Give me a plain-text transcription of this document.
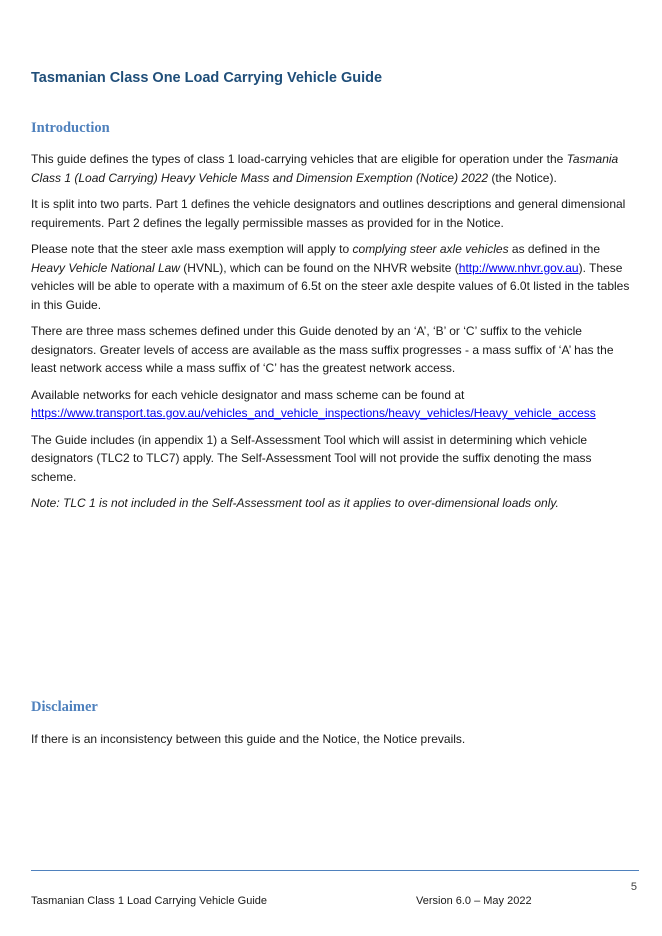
Tasmanian Class One Load Carrying Vehicle Guide
Introduction

This guide defines the types of class 1 load-carrying vehicles that are eligible for operation under the Tasmania Class 1 (Load Carrying) Heavy Vehicle Mass and Dimension Exemption (Notice) 2022 (the Notice).

It is split into two parts. Part 1 defines the vehicle designators and outlines descriptions and general dimensional requirements. Part 2 defines the legally permissible masses as provided for in the Notice.

Please note that the steer axle mass exemption will apply to complying steer axle vehicles as defined in the Heavy Vehicle National Law (HVNL), which can be found on the NHVR website (http://www.nhvr.gov.au). These vehicles will be able to operate with a maximum of 6.5t on the steer axle despite values of 6.0t listed in the tables in this Guide.

There are three mass schemes defined under this Guide denoted by an ‘A’, ‘B’ or ‘C’ suffix to the vehicle designators. Greater levels of access are available as the mass suffix progresses - a mass suffix of ‘A’ has the least network access while a mass suffix of ‘C’ has the greatest network access.

Available networks for each vehicle designator and mass scheme can be found at
https://www.transport.tas.gov.au/vehicles_and_vehicle_inspections/heavy_vehicles/Heavy_vehicle_access

The Guide includes (in appendix 1) a Self-Assessment Tool which will assist in determining which vehicle designators (TLC2 to TLC7) apply. The Self-Assessment Tool will not provide the suffix denoting the mass scheme.

Note: TLC 1 is not included in the Self-Assessment tool as it applies to over-dimensional loads only.

Disclaimer

If there is an inconsistency between this guide and the Notice, the Notice prevails.

5
Tasmanian Class 1 Load Carrying Vehicle Guide	Version 6.0 – May 2022
